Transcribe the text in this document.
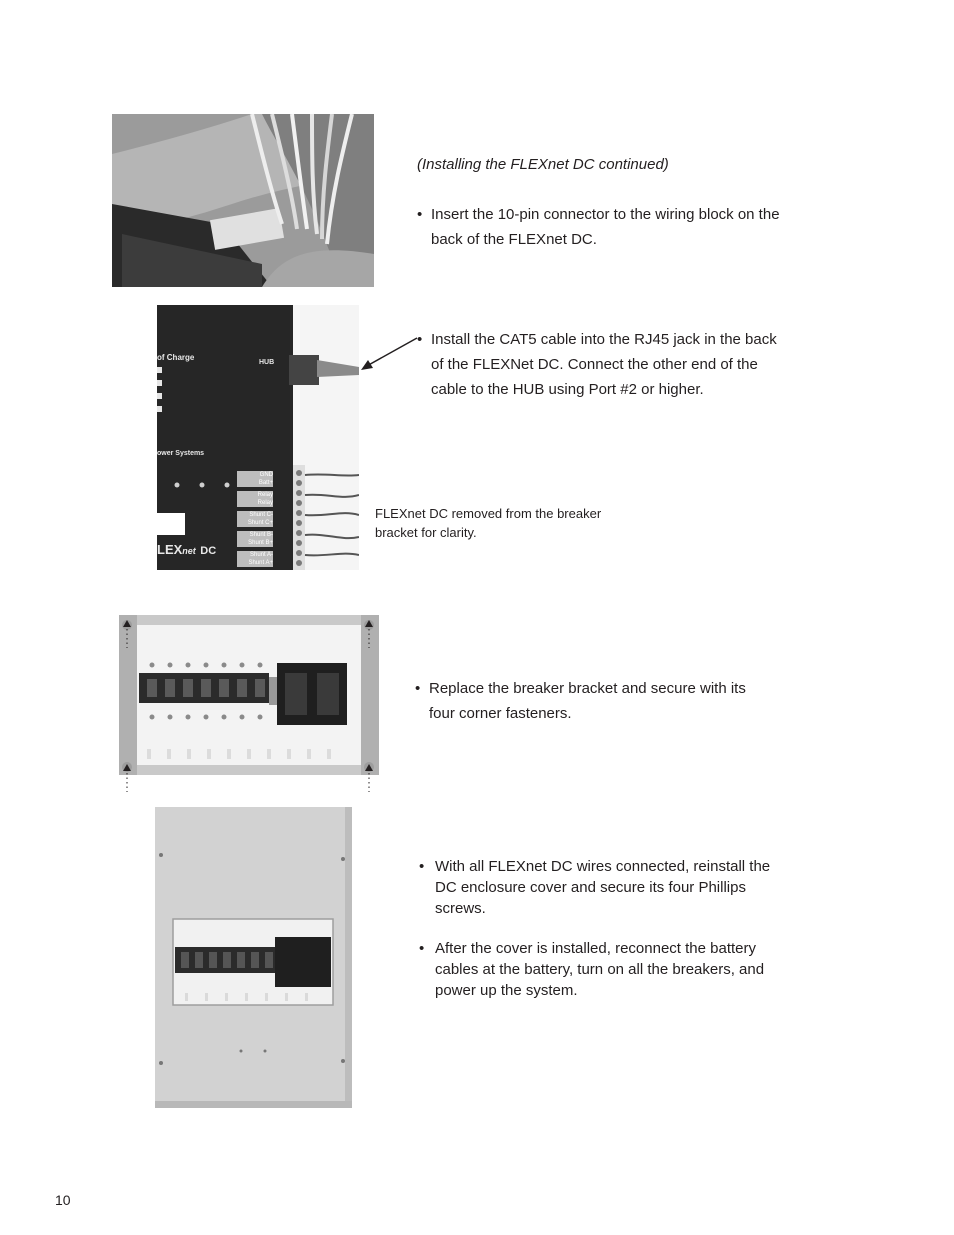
(Installing the FLEXnet DC continued)
• Insert the 10-pin connector to the wiring block on the back of the FLEXnet DC.
of Charge
HUB
ower Systems
LEXnet DC
GND
Batt+
Relay
Relay
Shunt C-
Shunt C+
Shunt B-
Shunt B+
Shunt A-
Shunt A+
• Install the CAT5 cable into the RJ45 jack in the back of the FLEXNet DC. Connect the other end of the cable to the HUB using Port #2 or higher.
FLEXnet DC removed from the breaker bracket for clarity.
• Replace the breaker bracket and secure with its four corner fasteners.
• With all FLEXnet DC wires connected, reinstall the DC enclosure cover and secure its four Phillips screws.
• After the cover is installed, reconnect the battery cables at the battery, turn on all the breakers, and power up the system.
10
